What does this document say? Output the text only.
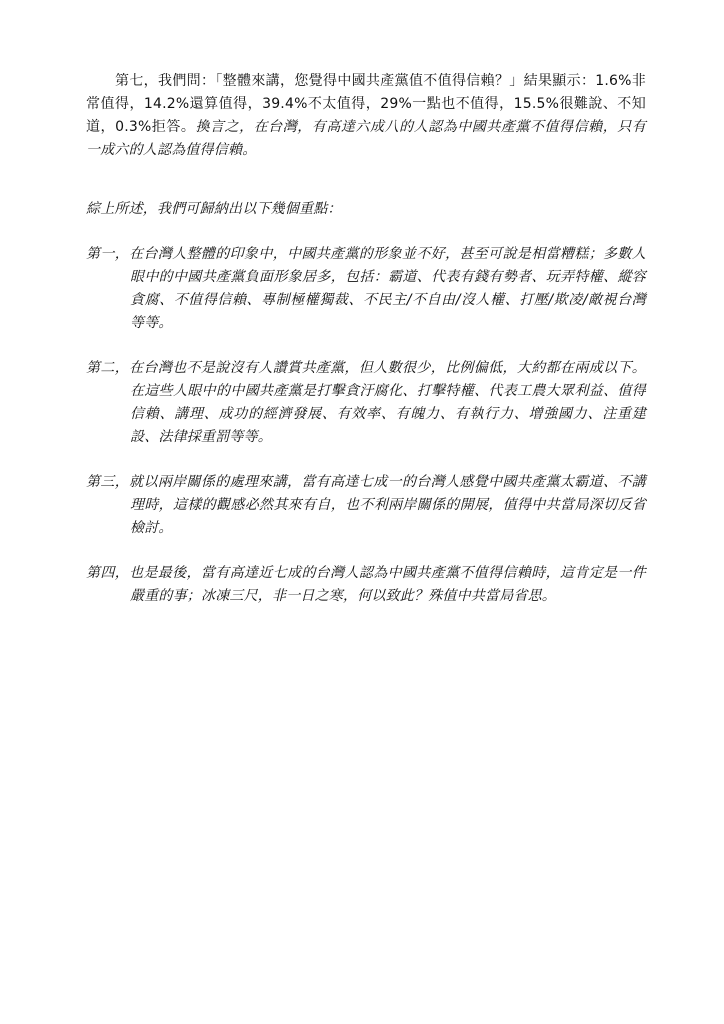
第七，我們問：「整體來講，您覺得中國共產黨值不值得信賴？」結果顯示：1.6%非常值得，14.2%還算值得，39.4%不太值得，29%一點也不值得，15.5%很難說、不知道，0.3%拒答。換言之，在台灣，有高達六成八的人認為中國共產黨不值得信賴，只有一成六的人認為值得信賴。

綜上所述，我們可歸納出以下幾個重點：

第一，在台灣人整體的印象中，中國共產黨的形象並不好，甚至可說是相當糟糕；多數人眼中的中國共產黨負面形象居多，包括：霸道、代表有錢有勢者、玩弄特權、縱容貪腐、不值得信賴、專制極權獨裁、不民主/不自由/沒人權、打壓/欺凌/敵視台灣等等。

第二，在台灣也不是說沒有人讚賞共產黨，但人數很少，比例偏低，大約都在兩成以下。在這些人眼中的中國共產黨是打擊貪汙腐化、打擊特權、代表工農大眾利益、值得信賴、講理、成功的經濟發展、有效率、有魄力、有執行力、增強國力、注重建設、法律採重罰等等。

第三，就以兩岸關係的處理來講，當有高達七成一的台灣人感覺中國共產黨太霸道、不講理時，這樣的觀感必然其來有自，也不利兩岸關係的開展，值得中共當局深切反省檢討。

第四，也是最後，當有高達近七成的台灣人認為中國共產黨不值得信賴時，這肯定是一件嚴重的事；冰凍三尺，非一日之寒，何以致此？殊值中共當局省思。
